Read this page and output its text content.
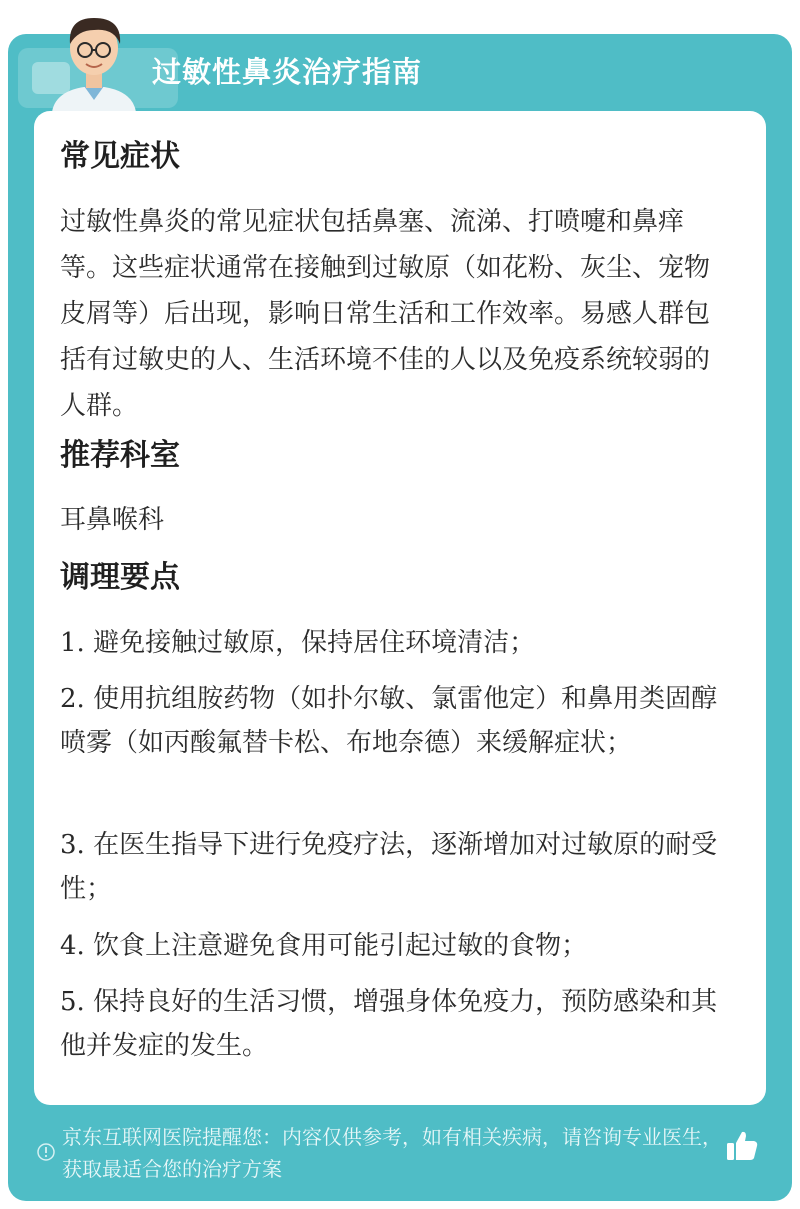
过敏性鼻炎治疗指南
常见症状
过敏性鼻炎的常见症状包括鼻塞、流涕、打喷嚏和鼻痒等。这些症状通常在接触到过敏原（如花粉、灰尘、宠物皮屑等）后出现，影响日常生活和工作效率。易感人群包括有过敏史的人、生活环境不佳的人以及免疫系统较弱的人群。
推荐科室
耳鼻喉科
调理要点
1. 避免接触过敏原，保持居住环境清洁；
2. 使用抗组胺药物（如扑尔敏、氯雷他定）和鼻用类固醇喷雾（如丙酸氟替卡松、布地奈德）来缓解症状；
3. 在医生指导下进行免疫疗法，逐渐增加对过敏原的耐受性；
4. 饮食上注意避免食用可能引起过敏的食物；
5. 保持良好的生活习惯，增强身体免疫力，预防感染和其他并发症的发生。
京东互联网医院提醒您：内容仅供参考，如有相关疾病，请咨询专业医生，获取最适合您的治疗方案
